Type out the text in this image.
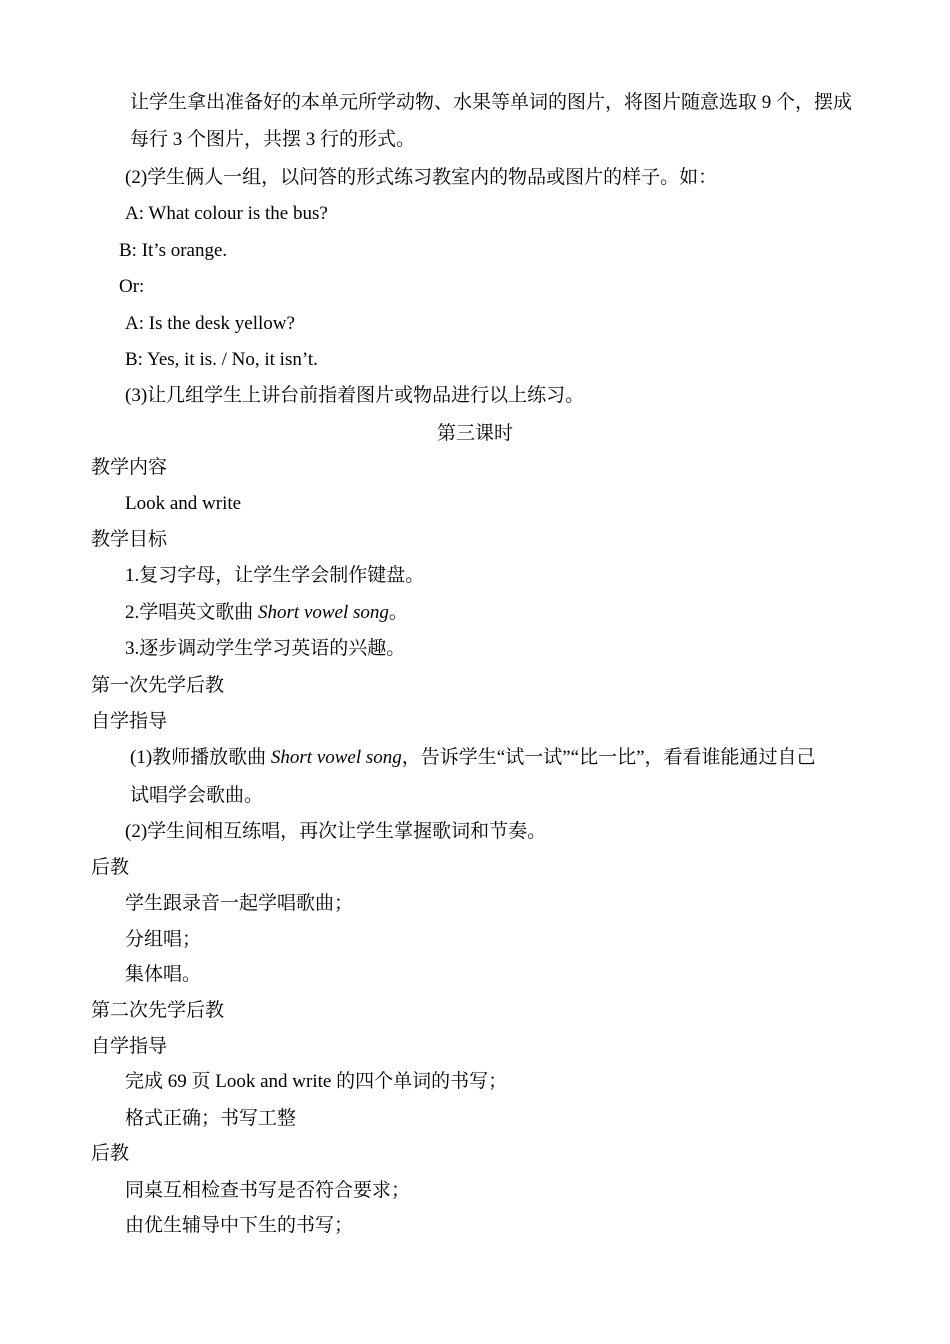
让学生拿出准备好的本单元所学动物、水果等单词的图片，将图片随意选取 9 个，摆成
每行 3 个图片，共摆 3 行的形式。
(2)学生俩人一组，以问答的形式练习教室内的物品或图片的样子。如：
A: What colour is the bus?
B: It’s orange.
Or:
A: Is the desk yellow?
B: Yes, it is. / No, it isn’t.
(3)让几组学生上讲台前指着图片或物品进行以上练习。
第三课时
教学内容
Look and write
教学目标
1.复习字母，让学生学会制作键盘。
2.学唱英文歌曲 Short vowel song。
3.逐步调动学生学习英语的兴趣。
第一次先学后教
自学指导
(1)教师播放歌曲 Short vowel song，告诉学生“试一试”“比一比”，看看谁能通过自己
试唱学会歌曲。
(2)学生间相互练唱，再次让学生掌握歌词和节奏。
后教
学生跟录音一起学唱歌曲；
分组唱；
集体唱。
第二次先学后教
自学指导
完成 69 页 Look and write 的四个单词的书写；
格式正确；书写工整
后教
同桌互相检查书写是否符合要求；
由优生辅导中下生的书写；
